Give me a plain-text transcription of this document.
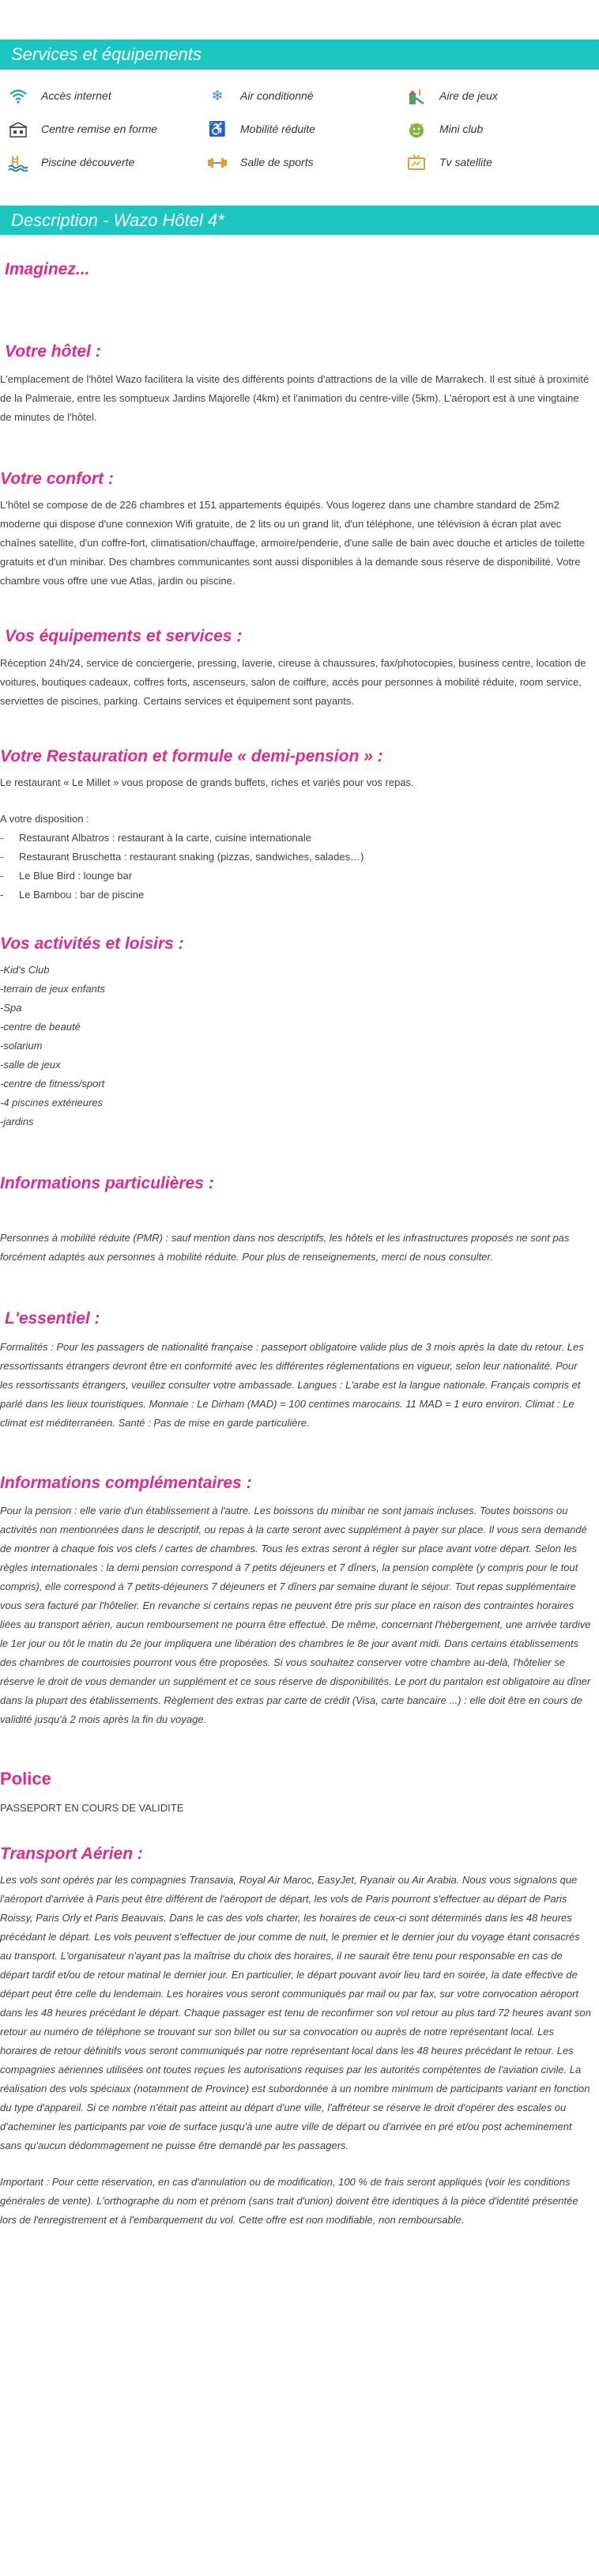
Services et équipements
Accès internet	❄	Air conditionné	Aire de jeux
Centre remise en forme	♿ Mobilité réduite	Mini club
Piscine découverte	Salle de sports	Tv satellite
Description - Wazo Hôtel 4*
Imaginez...
Votre hôtel :

L'emplacement de l'hôtel Wazo facilitera la visite des différents points d'attractions de la ville de Marrakech. Il est situé à proximité de la Palmeraie, entre les somptueux Jardins Majorelle (4km) et l'animation du centre-ville (5km). L'aéroport est à une vingtaine de minutes de l'hôtel.

Votre confort :

L'hôtel se compose de de 226 chambres et 151 appartements équipés. Vous logerez dans une chambre standard de 25m2 moderne qui dispose d'une connexion Wifi gratuite, de 2 lits ou un grand lit, d'un téléphone, une télévision à écran plat avec chaînes satellite, d'un coffre-fort, climatisation/chauffage, armoire/penderie, d'une salle de bain avec douche et articles de toilette gratuits et d'un minibar. Des chambres communicantes sont aussi disponibles à la demande sous réserve de disponibilité. Votre chambre vous offre une vue Atlas, jardin ou piscine.

Vos équipements et services :

Réception 24h/24, service de conciergerie, pressing, laverie, cireuse à chaussures, fax/photocopies, business centre, location de voitures, boutiques cadeaux, coffres forts, ascenseurs, salon de coiffure, accès pour personnes à mobilité réduite, room service, serviettes de piscines, parking. Certains services et équipement sont payants.

Votre Restauration et formule « demi-pension » :

Le restaurant « Le Millet » vous propose de grands buffets, riches et variés pour vos repas.

A votre disposition :

- Restaurant Albatros : restaurant à la carte, cuisine internationale
- Restaurant Bruschetta : restaurant snaking (pizzas, sandwiches, salades…)
- Le Blue Bird : lounge bar
- Le Bambou : bar de piscine
Vos activités et loisirs :
-Kid's Club
-terrain de jeux enfants
-Spa
-centre de beauté
-solarium
-salle de jeux
-centre de fitness/sport
-4 piscines extérieures
-jardins
Informations particulières :

Personnes à mobilité réduite (PMR) : sauf mention dans nos descriptifs, les hôtels et les infrastructures proposés ne sont pas forcément adaptés aux personnes à mobilité réduite. Pour plus de renseignements, merci de nous consulter.

L'essentiel :

Formalités : Pour les passagers de nationalité française : passeport obligatoire valide plus de 3 mois après la date du retour. Les ressortissants étrangers devront être en conformité avec les différentes réglementations en vigueur, selon leur nationalité. Pour les ressortissants étrangers, veuillez consulter votre ambassade. Langues : L'arabe est la langue nationale. Français compris et parlé dans les lieux touristiques. Monnaie : Le Dirham (MAD) = 100 centimes marocains. 11 MAD = 1 euro environ. Climat : Le climat est méditerranéen. Santé : Pas de mise en garde particulière.

Informations complémentaires :

Pour la pension : elle varie d'un établissement à l'autre. Les boissons du minibar ne sont jamais incluses. Toutes boissons ou activités non mentionnées dans le descriptif, ou repas à la carte seront avec supplément à payer sur place. Il vous sera demandé de montrer à chaque fois vos clefs / cartes de chambres. Tous les extras seront à régler sur place avant votre départ. Selon les règles internationales : la demi pension correspond à 7 petits déjeuners et 7 dîners, la pension complète (y compris pour le tout compris), elle correspond à 7 petits-déjeuners 7 déjeuners et 7 dîners par semaine durant le séjour. Tout repas supplémentaire vous sera facturé par l'hôtelier. En revanche si certains repas ne peuvent être pris sur place en raison des contraintes horaires liées au transport aérien, aucun remboursement ne pourra être effectué. De même, concernant l'hébergement, une arrivée tardive le 1er jour ou tôt le matin du 2e jour impliquera une libération des chambres le 8e jour avant midi. Dans certains établissements des chambres de courtoisies pourront vous être proposées. Si vous souhaitez conserver votre chambre au-delà, l'hôtelier se réserve le droit de vous demander un supplément et ce sous réserve de disponibilités. Le port du pantalon est obligatoire au dîner dans la plupart des établissements. Règlement des extras par carte de crédit (Visa, carte bancaire ...) : elle doit être en cours de validité jusqu'à 2 mois après la fin du voyage.

Police

PASSEPORT EN COURS DE VALIDITE

Transport Aérien :

Les vols sont opérés par les compagnies Transavia, Royal Air Maroc, EasyJet, Ryanair ou Air Arabia. Nous vous signalons que l'aéroport d'arrivée à Paris peut être différent de l'aéroport de départ, les vols de Paris pourront s'effectuer au départ de Paris Roissy, Paris Orly et Paris Beauvais. Dans le cas des vols charter, les horaires de ceux-ci sont déterminés dans les 48 heures précédant le départ. Les vols peuvent s'effectuer de jour comme de nuit, le premier et le dernier jour du voyage étant consacrés au transport. L'organisateur n'ayant pas la maîtrise du choix des horaires, il ne saurait être tenu pour responsable en cas de départ tardif et/ou de retour matinal le dernier jour. En particulier, le départ pouvant avoir lieu tard en soirée, la date effective de départ peut être celle du lendemain. Les horaires vous seront communiqués par mail ou par fax, sur votre convocation aéroport dans les 48 heures précédant le départ. Chaque passager est tenu de reconfirmer son vol retour au plus tard 72 heures avant son retour au numéro de téléphone se trouvant sur son billet ou sur sa convocation ou auprès de notre représentant local. Les horaires de retour définitifs vous seront communiqués par notre représentant local dans les 48 heures précédant le retour. Les compagnies aériennes utilisées ont toutes reçues les autorisations requises par les autorités compétentes de l'aviation civile. La réalisation des vols spéciaux (notamment de Province) est subordonnée à un nombre minimum de participants variant en fonction du type d'appareil. Si ce nombre n'était pas atteint au départ d'une ville, l'affréteur se réserve le droit d'opérer des escales ou d'acheminer les participants par voie de surface jusqu'à une autre ville de départ ou d'arrivée en pré et/ou post acheminement sans qu'aucun dédommagement ne puisse être demandé par les passagers.

Important : Pour cette réservation, en cas d'annulation ou de modification, 100 % de frais seront appliqués (voir les conditions générales de vente). L'orthographe du nom et prénom (sans trait d'union) doivent être identiques à la pièce d'identité présentée lors de l'enregistrement et à l'embarquement du vol. Cette offre est non modifiable, non remboursable.
